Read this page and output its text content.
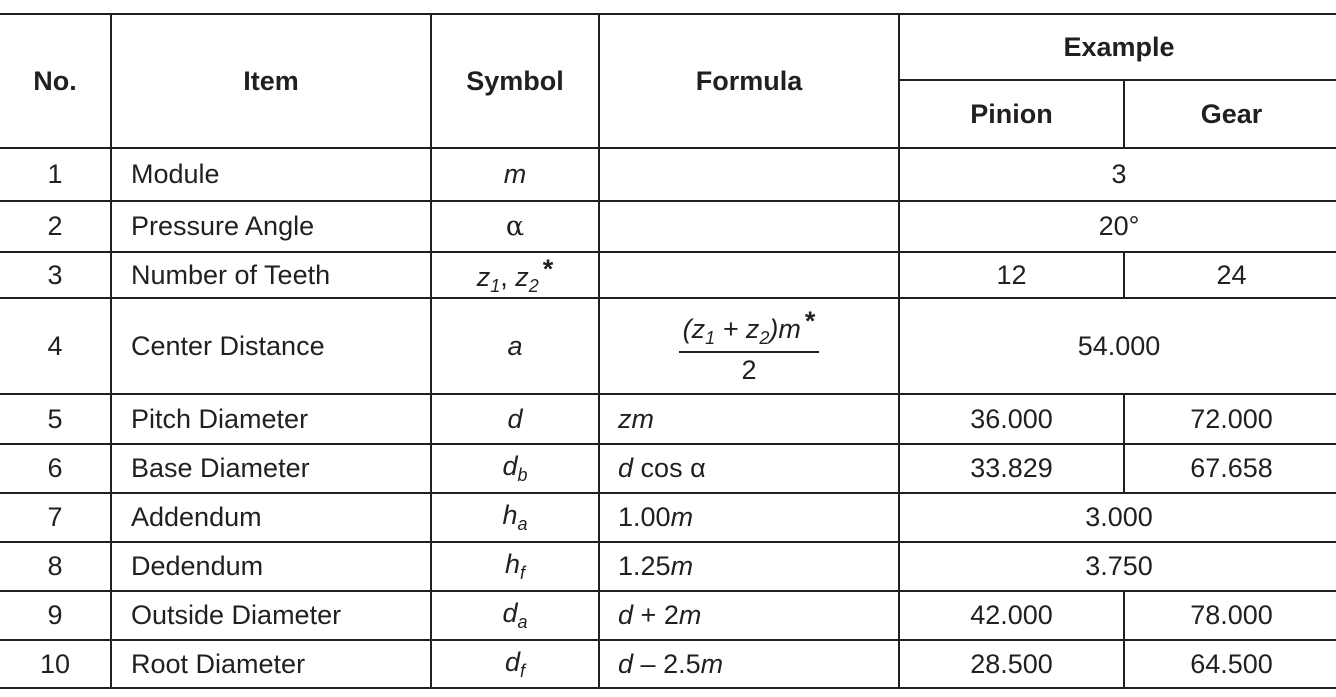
No.	Item	Symbol	Formula	Example	
				Pinion	Gear
1	Module	m		3	
2	Pressure Angle	α		20°	
3	Number of Teeth	$z_1$, $z_2*$		12	24
4	Center Distance	a	$\frac{(z_1 + z_2)m *}{2}$	54.000	
5	Pitch Diameter	d	zm	36.000	72.000
6	Base Diameter	$d_b$	d cos α	33.829	67.658
7	Addendum	$h_a$	1.00m	3.000	
8	Dedendum	$h_f$	1.25m	3.750	
9	Outside Diameter	$d_a$	d + 2m	42.000	78.000
10	Root Diameter	$d_f$	d – 2.5m	28.500	64.500
